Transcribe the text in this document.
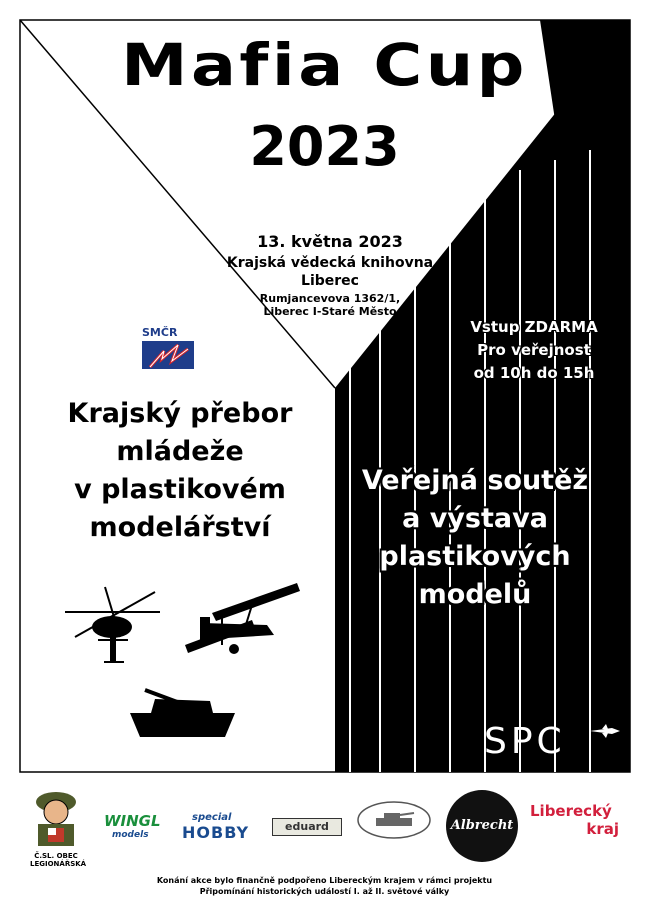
Mafia Cup
2023
13. května 2023
Krajská vědecká knihovna
Liberec
Rumjancevova 1362/1,
Liberec I-Staré Město
Vstup ZDARMA
Pro veřejnost
od 10h do 15h
SMČR
Krajský přebor
mládeže
v plastikovém
modelářství
Veřejná soutěž
a výstava
plastikových
modelů
SPC
Č.SL. OBEC
LEGIONÁŘSKÁ
WINGL
models
special
HOBBY	eduard	Albrecht
Liberecký
kraj
Konání akce bylo finančně podpořeno Libereckým krajem v rámci projektu
Připomínání historických událostí I. až II. světové války
